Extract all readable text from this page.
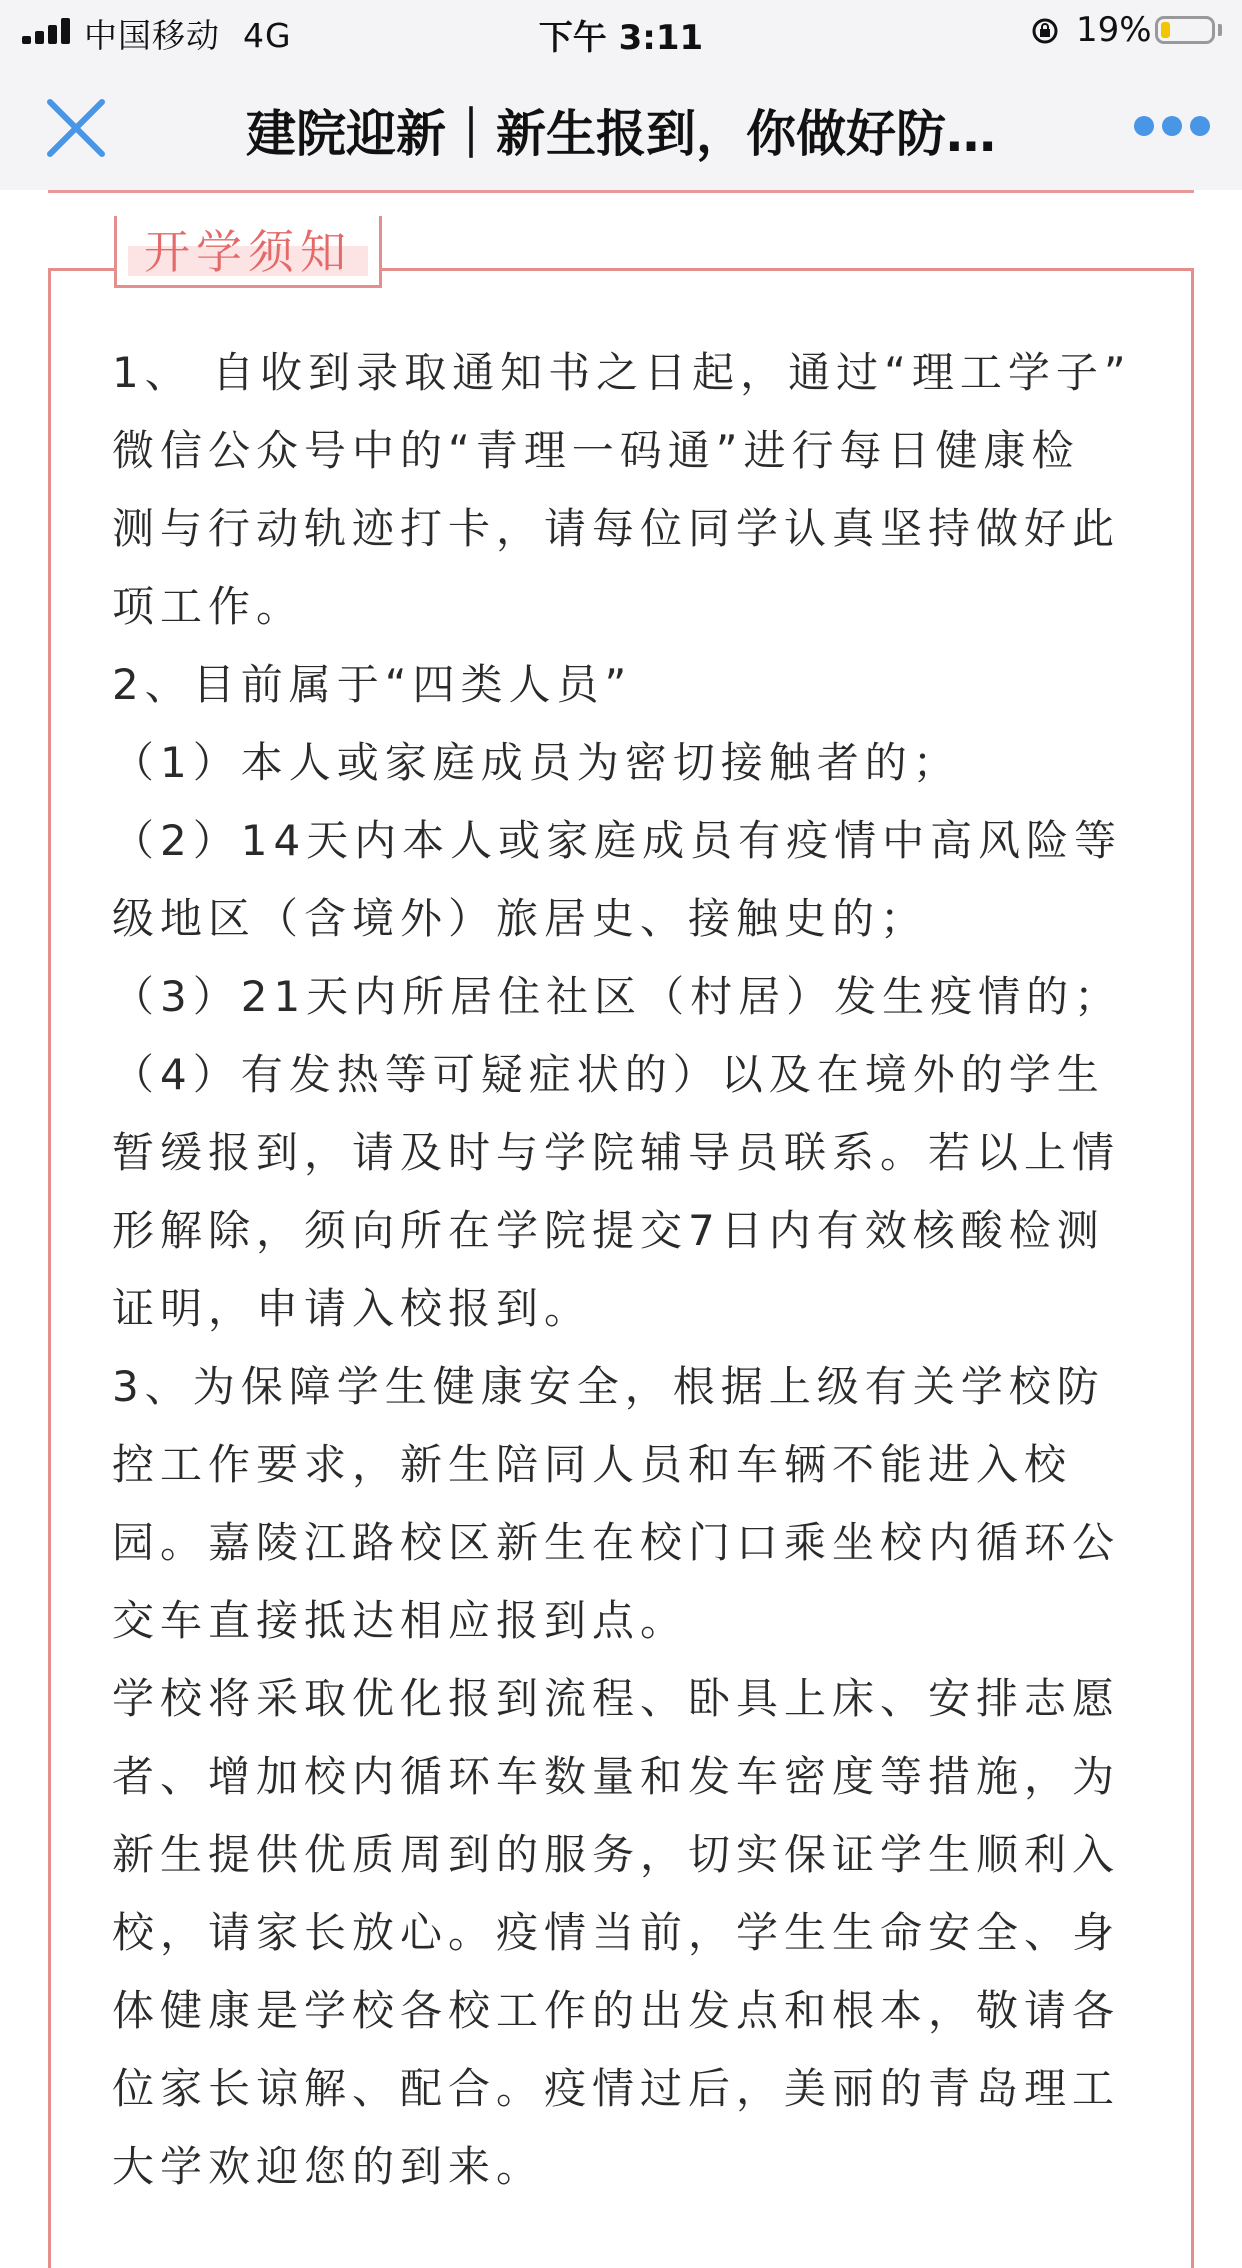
中国移动 4G	下午 3:11	19%
建院迎新｜新生报到，你做好防…
开学须知

1、 自收到录取通知书之日起，通过“理工学子”

微信公众号中的“青理一码通”进行每日健康检

测与行动轨迹打卡，请每位同学认真坚持做好此

项工作。

2、目前属于“四类人员”

（1）本人或家庭成员为密切接触者的；

（2）14天内本人或家庭成员有疫情中高风险等

级地区（含境外）旅居史、接触史的；

（3）21天内所居住社区（村居）发生疫情的；

（4）有发热等可疑症状的）以及在境外的学生

暂缓报到，请及时与学院辅导员联系。若以上情

形解除，须向所在学院提交7日内有效核酸检测

证明，申请入校报到。

3、为保障学生健康安全，根据上级有关学校防

控工作要求，新生陪同人员和车辆不能进入校

园。嘉陵江路校区新生在校门口乘坐校内循环公

交车直接抵达相应报到点。

学校将采取优化报到流程、卧具上床、安排志愿

者、增加校内循环车数量和发车密度等措施，为

新生提供优质周到的服务，切实保证学生顺利入

校，请家长放心。疫情当前，学生生命安全、身

体健康是学校各校工作的出发点和根本，敬请各

位家长谅解、配合。疫情过后，美丽的青岛理工

大学欢迎您的到来。
